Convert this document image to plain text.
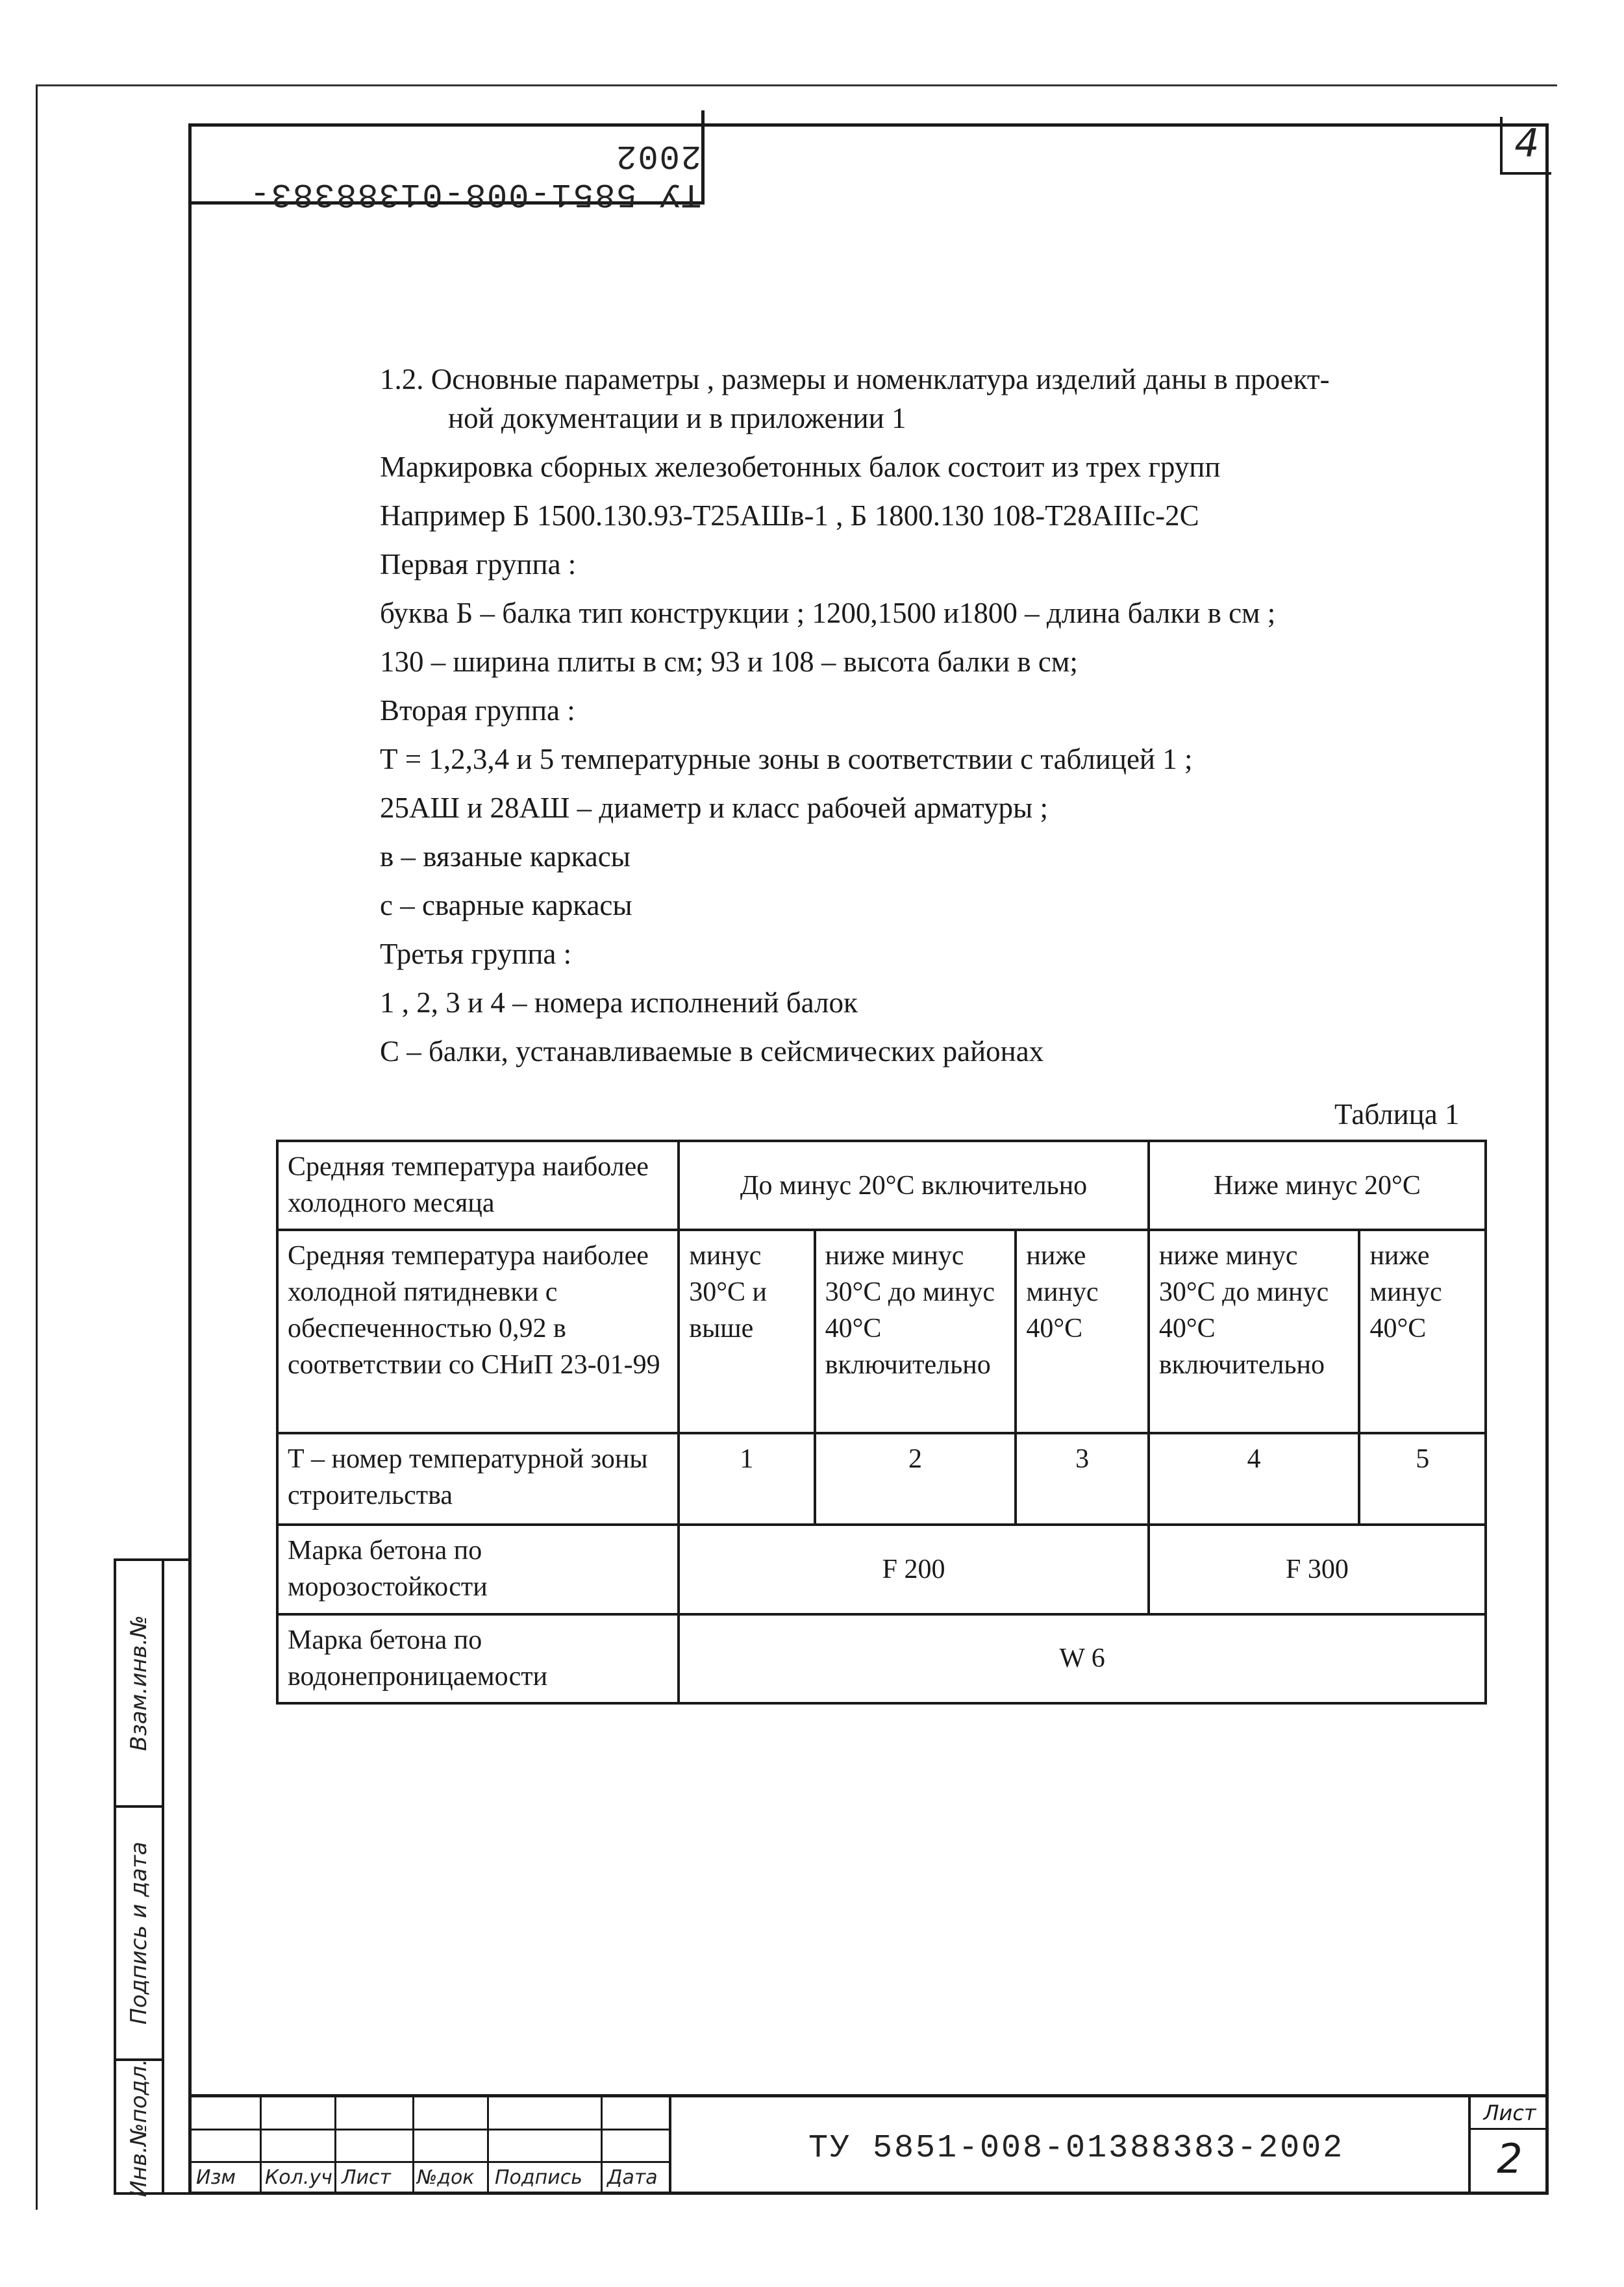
ТУ 5851-008-01388383-2002	4
Взам.инв.№
Подпись и дата
Инв.№подл.
1.2. Основные параметры , размеры и номенклатура изделий даны в проект-
ной документации и в приложении 1
Маркировка сборных железобетонных балок состоит из трех групп
Например Б 1500.130.93-Т25АШв-1 , Б 1800.130 108-Т28АIIIс-2С
Первая группа :
буква Б – балка тип конструкции ; 1200,1500 и1800 – длина балки в см ;
130 – ширина плиты в см; 93 и 108 – высота балки в см;
Вторая группа :
Т = 1,2,3,4 и 5 температурные зоны в соответствии с таблицей 1 ;
25АШ и 28АШ – диаметр и класс рабочей арматуры ;
в – вязаные каркасы
с – сварные каркасы
Третья группа :
1 , 2, 3 и 4 – номера исполнений балок
С – балки, устанавливаемые в сейсмических районах
Таблица 1
Средняя температура наиболее холодного месяца	До минус 20°С включительно			Ниже минус 20°С	
Средняя температура наиболее холодной пятидневки с обеспеченностью 0,92 в соответствии со СНиП 23-01-99	минус 30°С и выше	ниже минус 30°С до минус 40°С включительно	ниже минус 40°С	ниже минус 30°С до минус 40°С включительно	ниже минус 40°С
Т – номер температурной зоны строительства	1	2	3	4	5
Марка бетона по морозостойкости	F 200			F 300	
Марка бетона по водонепроницаемости	W 6				
Изм Кол.уч Лист №док Подпись Дата
ТУ 5851-008-01388383-2002
Лист
2
